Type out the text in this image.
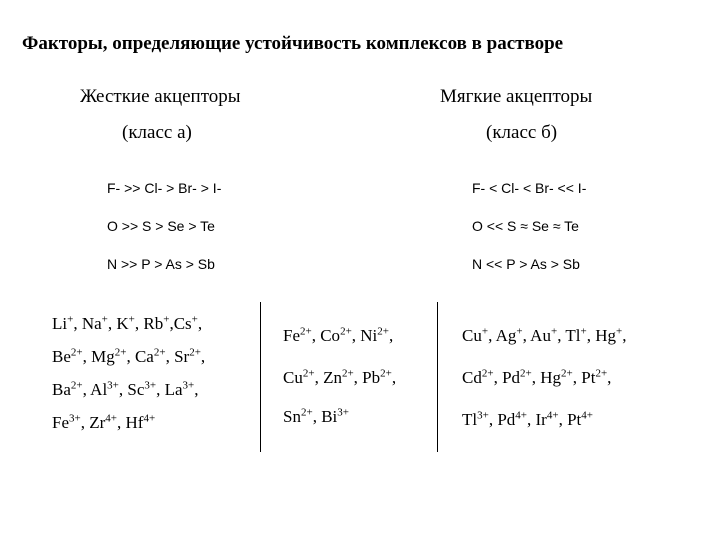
Факторы, определяющие устойчивость комплексов в растворе
Жесткие акцепторы
(класс а)
Мягкие акцепторы
(класс б)
F- >> Cl- > Br- > I-
O >> S > Se > Te
N >> P > As > Sb
F- < Cl- < Br- << I-
O << S ≈ Se ≈ Te
N << P > As > Sb
Li+, Na+, K+, Rb+,Cs+,
$Be^{2+}$, $Mg^{2+}$, $Ca^{2+}$, $Sr^{2+}$,
$Ba^{2+}$, $Al^{3+}$, $Sc^{3+}$, $La^{3+}$,
$Fe^{3+}$, $Zr^{4+}$, $Hf^{4+}$
$Fe^{2+}$, $Co^{2+}$, $Ni^{2+}$,
$Cu^{2+}$, $Zn^{2+}$, $Pb^{2+}$,
$Sn^{2+}$, $Bi^{3+}$
Cu+, Ag+, Au+, Tl+, Hg+,
$Cd^{2+}$, $Pd^{2+}$, $Hg^{2+}$, $Pt^{2+}$,
$Tl^{3+}$, $Pd^{4+}$, $Ir^{4+}$, $Pt^{4+}$
